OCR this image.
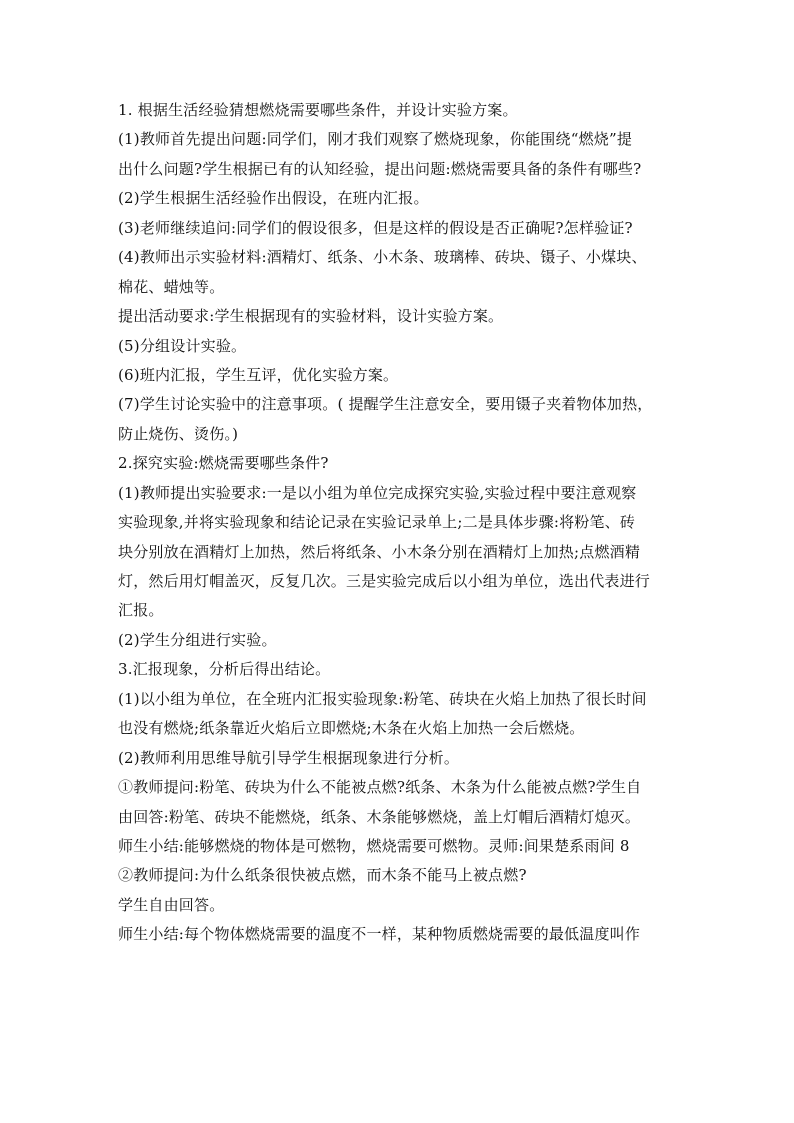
1. 根据生活经验猜想燃烧需要哪些条件，并设计实验方案。
(1)教师首先提出问题:同学们，刚才我们观察了燃烧现象，你能围绕“燃烧”提
出什么问题?学生根据已有的认知经验，提出问题:燃烧需要具备的条件有哪些?
(2)学生根据生活经验作出假设，在班内汇报。
(3)老师继续追问:同学们的假设很多，但是这样的假设是否正确呢?怎样验证?
(4)教师出示实验材料:酒精灯、纸条、小木条、玻璃棒、砖块、镊子、小煤块、
棉花、蜡烛等。
提出活动要求:学生根据现有的实验材料，设计实验方案。
(5)分组设计实验。
(6)班内汇报，学生互评，优化实验方案。
(7)学生讨论实验中的注意事项。( 提醒学生注意安全，要用镊子夹着物体加热，
防止烧伤、烫伤。)
2.探究实验:燃烧需要哪些条件?
(1)教师提出实验要求:一是以小组为单位完成探究实验,实验过程中要注意观察
实验现象,并将实验现象和结论记录在实验记录单上;二是具体步骤:将粉笔、砖
块分别放在酒精灯上加热，然后将纸条、小木条分别在酒精灯上加热;点燃酒精
灯，然后用灯帽盖灭，反复几次。三是实验完成后以小组为单位，选出代表进行
汇报。
(2)学生分组进行实验。
3.汇报现象，分析后得出结论。
(1)以小组为单位，在全班内汇报实验现象:粉笔、砖块在火焰上加热了很长时间
也没有燃烧;纸条靠近火焰后立即燃烧;木条在火焰上加热一会后燃烧。
(2)教师利用思维导航引导学生根据现象进行分析。
①教师提问:粉笔、砖块为什么不能被点燃?纸条、木条为什么能被点燃?学生自
由回答:粉笔、砖块不能燃烧，纸条、木条能够燃烧，盖上灯帽后酒精灯熄灭。
师生小结:能够燃烧的物体是可燃物，燃烧需要可燃物。灵师:间果楚系雨间 8
②教师提问:为什么纸条很快被点燃，而木条不能马上被点燃?
学生自由回答。
师生小结:每个物体燃烧需要的温度不一样，某种物质燃烧需要的最低温度叫作
